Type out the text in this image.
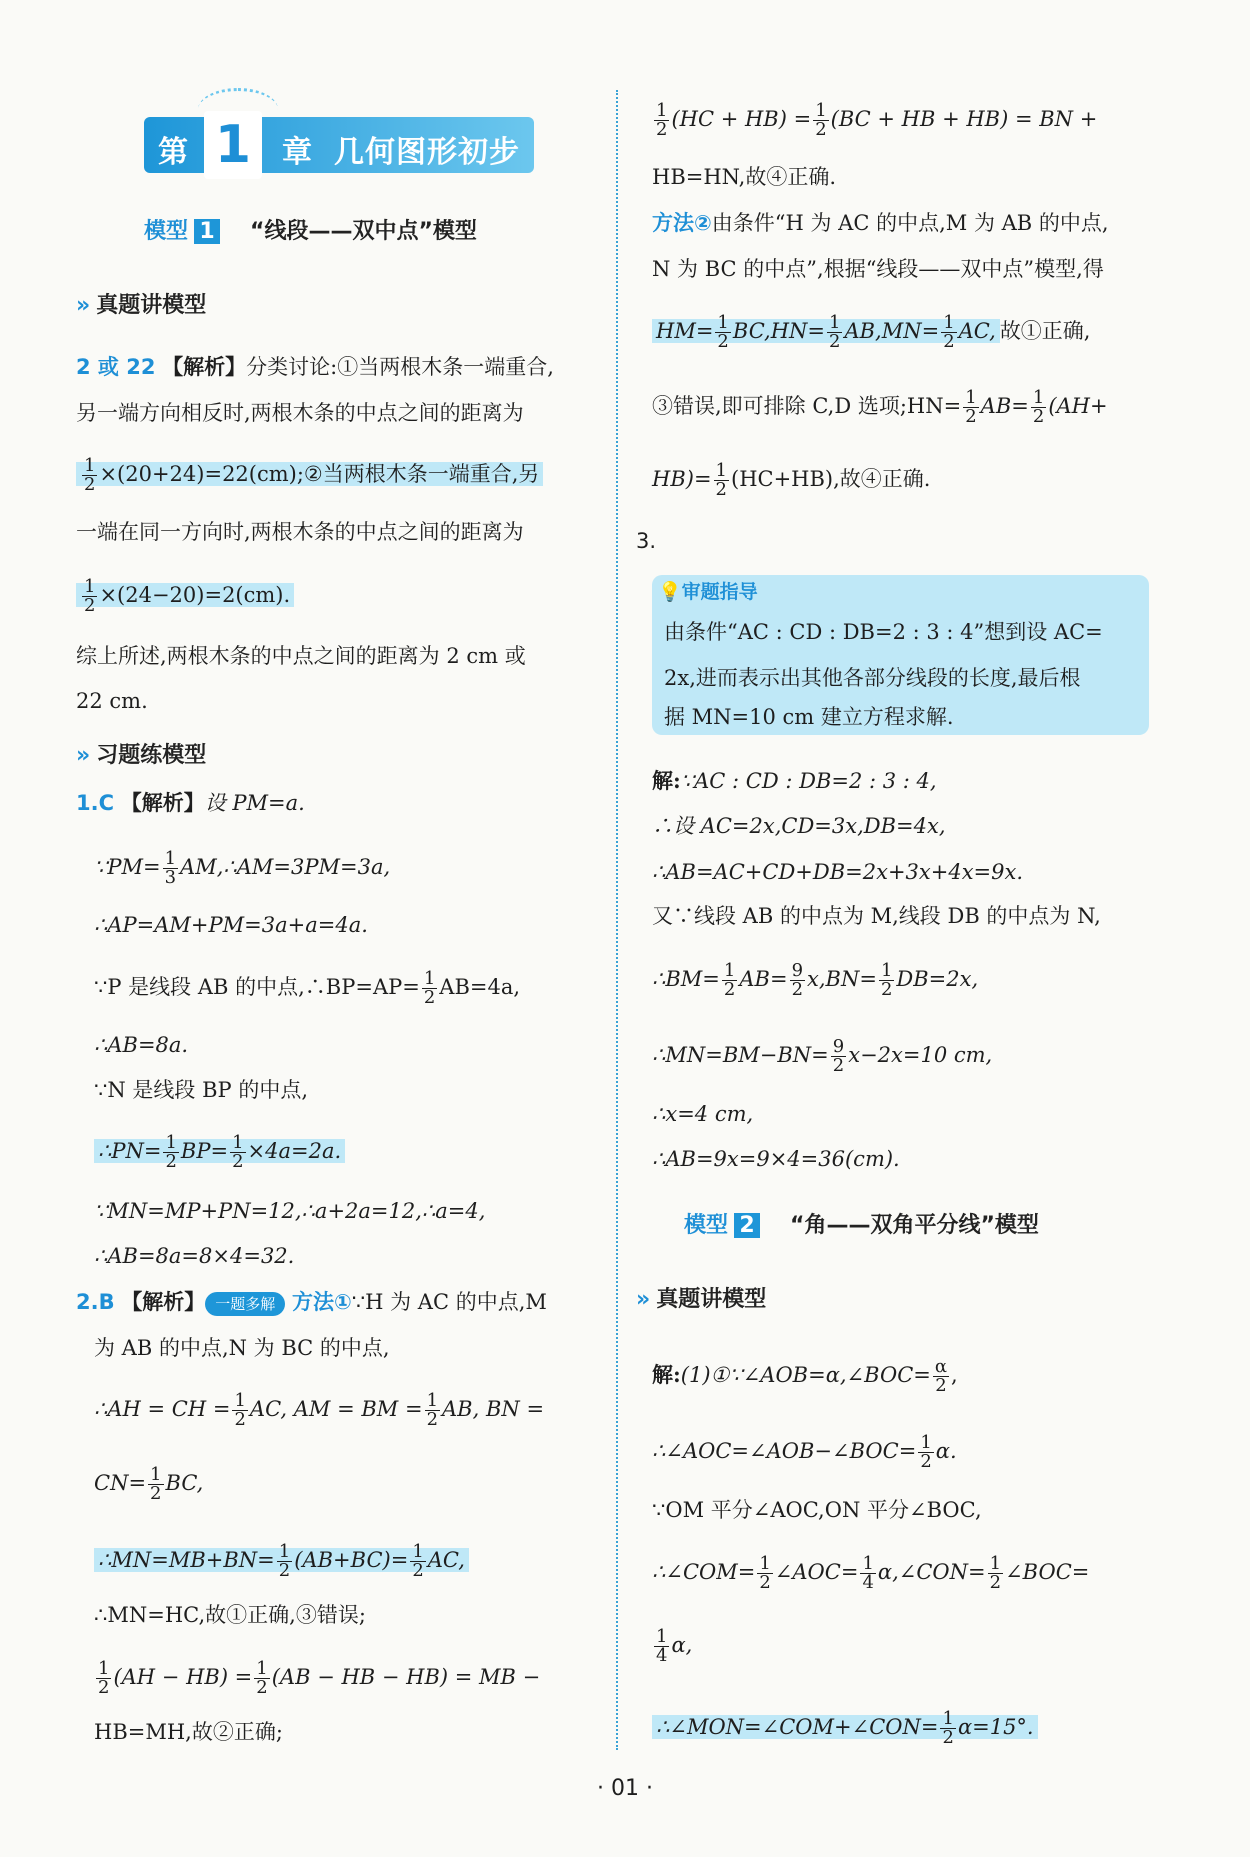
第 1	章 几何图形初步
模型 1 “线段——双中点”模型
» 真题讲模型
2 或 22 【解析】分类讨论:①当两根木条一端重合,
另一端方向相反时,两根木条的中点之间的距离为
$\frac{1}{2}$ ×(20+24)=22(cm);②当两根木条一端重合,另
一端在同一方向时,两根木条的中点之间的距离为
$\frac{1}{2} \times(24-20)=2(cm)$.
综上所述,两根木条的中点之间的距离为 2 cm 或
22 cm.
» 习题练模型
1.C 【解析】设 PM=a.
∵PM= $\frac{1}{3}$ AM,∴AM=3PM=3a,
∴AP=AM+PM=3a+a=4a.
∵P 是线段 AB 的中点,∴BP=AP= $\frac{1}{2} AB=4a$,
∴AB=8a.
∵N 是线段 BP 的中点,
∴PN= $\frac{1}{2} BP= \frac{1}{2} \times 4a=2a$.
∵MN=MP+PN=12,∴a+2a=12,∴a=4,
∴AB=8a=8×4=32.
2.B 【解析】 一题多解 方法①∵H 为 AC 的中点,M
为 AB 的中点,N 为 BC 的中点,
∴AH = CH = $\frac{1}{2}$ AC, AM = BM = $\frac{1}{2}$ AB, BN =
$CN= \frac{1}{2}$ BC,
∴MN=MB+BN= $\frac{1}{2} (AB+BC)= \frac{1}{2}$ AC,
∴MN=HC,故①正确,③错误;
$\frac{1}{2} (AH - HB) = \frac{1}{2} (AB$ − HB − HB) = MB −
HB=MH,故②正确;
$\frac{1}{2} (HC + HB) = \frac{1}{2} (BC$ + HB + HB) = BN +
HB=HN,故④正确.
方法②由条件“H 为 AC 的中点,M 为 AB 的中点,
N 为 BC 的中点”,根据“线段——双中点”模型,得
$HM= \frac{1}{2} BC,HN= \frac{1}{2} AB,MN= \frac{1}{2}$ AC, 故①正确,
③错误,即可排除 C,D 选项;HN= $\frac{1}{2} AB= \frac{1}{2} (AH+$
$HB)= \frac{1}{2} (HC+HB)$,故④正确.
3.
💡审题指导
由条件“AC : CD : DB=2 : 3 : 4”想到设 AC=
2x,进而表示出其他各部分线段的长度,最后根
据 MN=10 cm 建立方程求解.
解:∵AC : CD : DB=2 : 3 : 4,
∴设 AC=2x,CD=3x,DB=4x,
∴AB=AC+CD+DB=2x+3x+4x=9x.
又∵线段 AB 的中点为 M,线段 DB 的中点为 N,
∴BM= $\frac{1}{2} AB= \frac{9}{2} x,BN= \frac{1}{2} DB=2x$,
∴MN=BM−BN= $\frac{9}{2} x-2x=10$ cm,
∴x=4 cm,
∴AB=9x=9×4=36(cm).
模型 2 “角——双角平分线”模型
» 真题讲模型
解:(1)①∵∠AOB=α,∠BOC= $\frac{\alpha}{2}$ ,
∴∠AOC=∠AOB−∠BOC= $\frac{1}{2} \alpha$.
∵OM 平分∠AOC,ON 平分∠BOC,
∴∠COM= $\frac{1}{2}$ ∠AOC= $\frac{1}{4}$ α,∠CON= $\frac{1}{2}$ ∠BOC=
$\frac{1}{4} \alpha$,
∴∠MON=∠COM+∠CON= $\frac{1}{2} \alpha=15^\circ$.
· 01 ·
